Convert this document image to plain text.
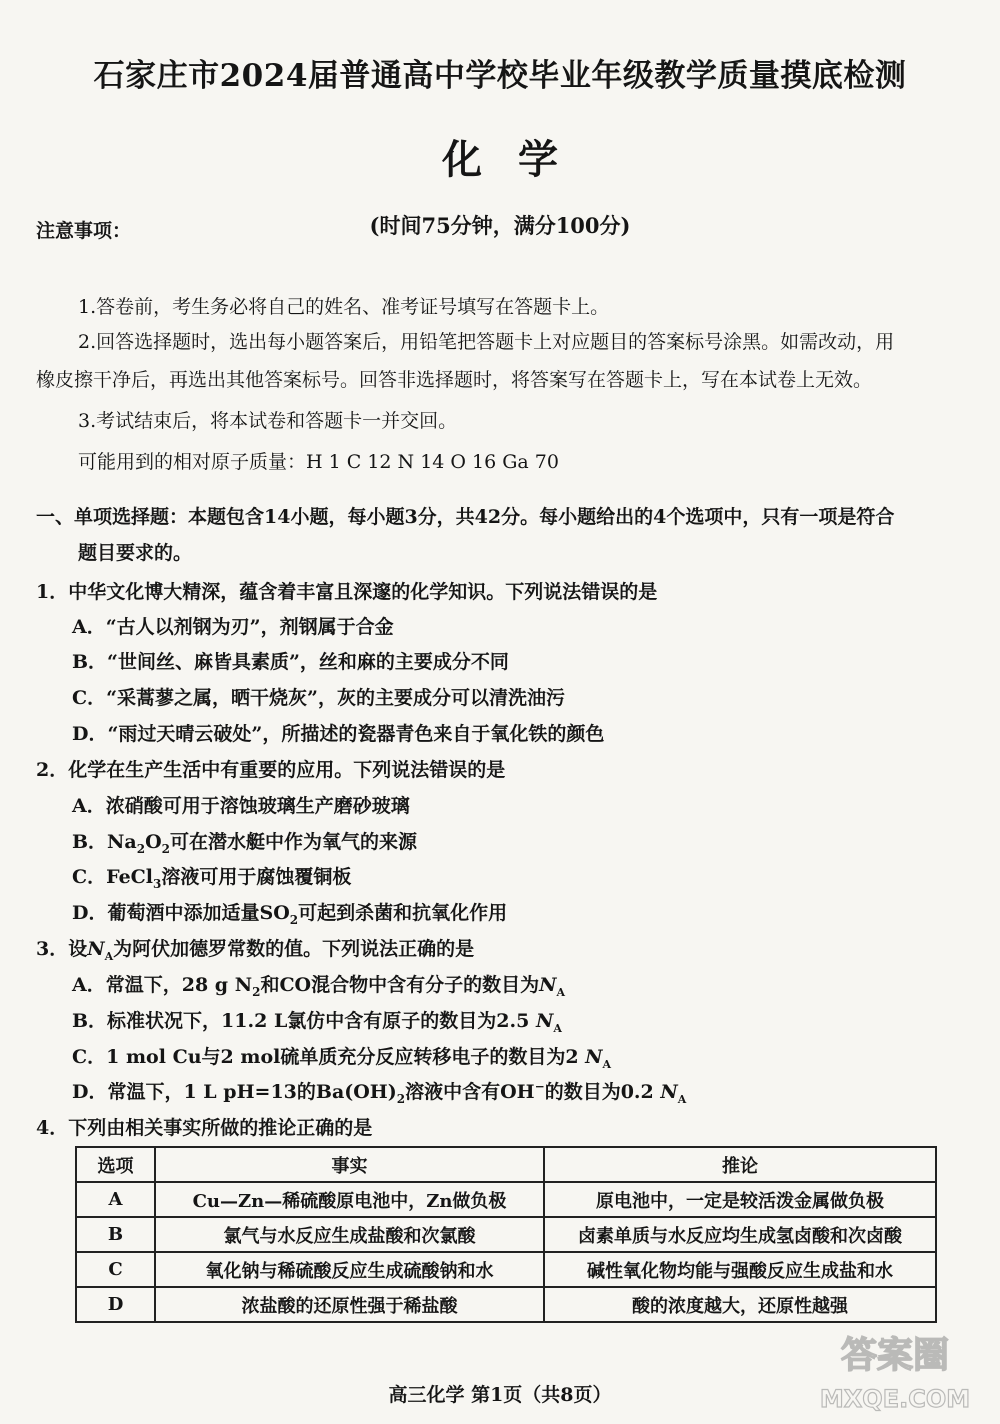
石家庄市2024届普通高中学校毕业年级教学质量摸底检测
化学
(时间75分钟，满分100分)
注意事项：
1.答卷前，考生务必将自己的姓名、准考证号填写在答题卡上。
2.回答选择题时，选出每小题答案后，用铅笔把答题卡上对应题目的答案标号涂黑。如需改动，用
橡皮擦干净后，再选出其他答案标号。回答非选择题时，将答案写在答题卡上，写在本试卷上无效。
3.考试结束后，将本试卷和答题卡一并交回。
可能用到的相对原子质量：H 1 C 12 N 14 O 16 Ga 70
一、单项选择题：本题包含14小题，每小题3分，共42分。每小题给出的4个选项中，只有一项是符合
题目要求的。
1．中华文化博大精深，蕴含着丰富且深邃的化学知识。下列说法错误的是
A．“古人以剂钢为刃”，剂钢属于合金
B．“世间丝、麻皆具素质”，丝和麻的主要成分不同
C．“采蒿蓼之属，晒干烧灰”，灰的主要成分可以清洗油污
D．“雨过天晴云破处”，所描述的瓷器青色来自于氧化铁的颜色
2．化学在生产生活中有重要的应用。下列说法错误的是
A．浓硝酸可用于溶蚀玻璃生产磨砂玻璃
B．$Na_2O_2$可在潜水艇中作为氧气的来源
C．FeCl$_3$溶液可用于腐蚀覆铜板
D．葡萄酒中添加适量$SO_2$可起到杀菌和抗氧化作用
3．设$N_A$为阿伏加德罗常数的值。下列说法正确的是
A．常温下，28 g $N_2$和CO混合物中含有分子的数目为$N_A$
B．标准状况下，11.2 L氯仿中含有原子的数目为2.5 $N_A$
C．1 mol Cu与2 mol硫单质充分反应转移电子的数目为2 $N_A$
D．常温下，1 L pH=13的$Ba(OH)_2$溶液中含有OH−的数目为0.2 $N_A$
4．下列由相关事实所做的推论正确的是
选项	事实	推论
A	Cu—Zn—稀硫酸原电池中，Zn做负极	原电池中，一定是较活泼金属做负极
B	氯气与水反应生成盐酸和次氯酸	卤素单质与水反应均生成氢卤酸和次卤酸
C	氧化钠与稀硫酸反应生成硫酸钠和水	碱性氧化物均能与强酸反应生成盐和水
D	浓盐酸的还原性强于稀盐酸	酸的浓度越大，还原性越强
高三化学 第1页（共8页）
答案圈
MXQE.COM
